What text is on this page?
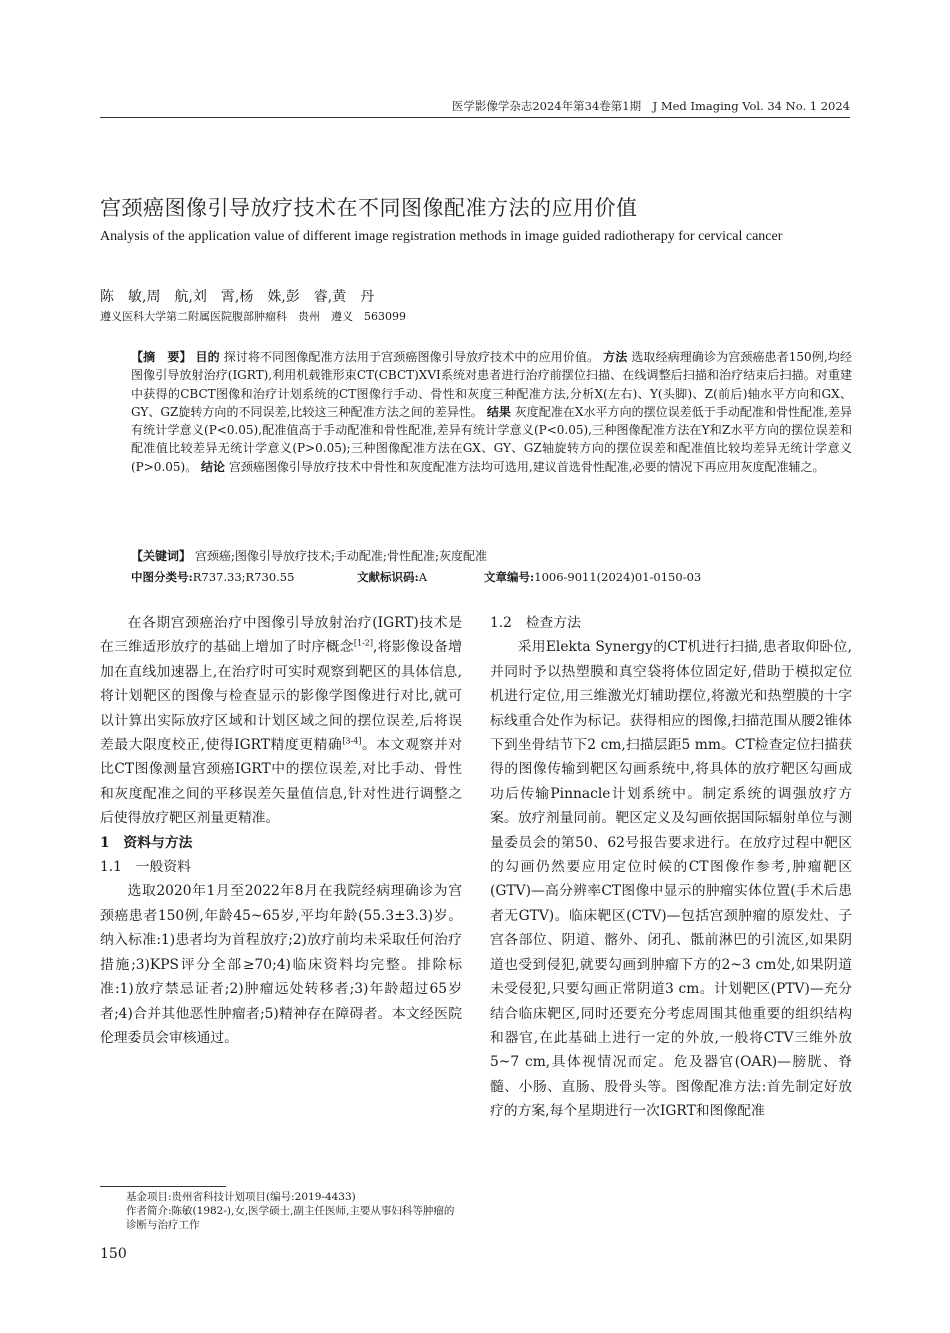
医学影像学杂志2024年第34卷第1期　J Med Imaging Vol. 34 No. 1 2024
宫颈癌图像引导放疗技术在不同图像配准方法的应用价值
Analysis of the application value of different image registration methods in image guided radiotherapy for cervical cancer
陈　敏,周　航,刘　霄,杨　姝,彭　睿,黄　丹
遵义医科大学第二附属医院腹部肿瘤科　贵州　遵义　563099
【摘　要】 目的 探讨将不同图像配准方法用于宫颈癌图像引导放疗技术中的应用价值。 方法 选取经病理确诊为宫颈癌患者150例,均经图像引导放射治疗(IGRT),利用机载锥形束CT(CBCT)XVI系统对患者进行治疗前摆位扫描、在线调整后扫描和治疗结束后扫描。对重建中获得的CBCT图像和治疗计划系统的CT图像行手动、骨性和灰度三种配准方法,分析X(左右)、Y(头脚)、Z(前后)轴水平方向和GX、GY、GZ旋转方向的不同误差,比较这三种配准方法之间的差异性。 结果 灰度配准在X水平方向的摆位误差低于手动配准和骨性配准,差异有统计学意义(P<0.05),配准值高于手动配准和骨性配准,差异有统计学意义(P<0.05),三种图像配准方法在Y和Z水平方向的摆位误差和配准值比较差异无统计学意义(P>0.05);三种图像配准方法在GX、GY、GZ轴旋转方向的摆位误差和配准值比较均差异无统计学意义(P>0.05)。 结论 宫颈癌图像引导放疗技术中骨性和灰度配准方法均可选用,建议首选骨性配准,必要的情况下再应用灰度配准辅之。
【关键词】 宫颈癌;图像引导放疗技术;手动配准;骨性配准;灰度配准
中图分类号:R737.33;R730.55	文献标识码:A	文章编号:1006-9011(2024)01-0150-03

在各期宫颈癌治疗中图像引导放射治疗(IGRT)技术是在三维适形放疗的基础上增加了时序概念[1-2],将影像设备增加在直线加速器上,在治疗时可实时观察到靶区的具体信息,将计划靶区的图像与检查显示的影像学图像进行对比,就可以计算出实际放疗区域和计划区域之间的摆位误差,后将误差最大限度校正,使得IGRT精度更精确[3-4]。本文观察并对比CT图像测量宫颈癌IGRT中的摆位误差,对比手动、骨性和灰度配准之间的平移误差矢量值信息,针对性进行调整之后使得放疗靶区剂量更精准。

1　资料与方法

1.1　一般资料

选取2020年1月至2022年8月在我院经病理确诊为宫颈癌患者150例,年龄45~65岁,平均年龄(55.3±3.3)岁。纳入标准:1)患者均为首程放疗;2)放疗前均未采取任何治疗措施;3)KPS评分全部≥70;4)临床资料均完整。排除标准:1)放疗禁忌证者;2)肿瘤远处转移者;3)年龄超过65岁者;4)合并其他恶性肿瘤者;5)精神存在障碍者。本文经医院伦理委员会审核通过。

1.2　检查方法

采用Elekta Synergy的CT机进行扫描,患者取仰卧位,并同时予以热塑膜和真空袋将体位固定好,借助于模拟定位机进行定位,用三维激光灯辅助摆位,将激光和热塑膜的十字标线重合处作为标记。获得相应的图像,扫描范围从腰2锥体下到坐骨结节下2 cm,扫描层距5 mm。CT检查定位扫描获得的图像传输到靶区勾画系统中,将具体的放疗靶区勾画成功后传输Pinnacle计划系统中。制定系统的调强放疗方案。放疗剂量同前。靶区定义及勾画依据国际辐射单位与测量委员会的第50、62号报告要求进行。在放疗过程中靶区的勾画仍然要应用定位时候的CT图像作参考,肿瘤靶区(GTV)—高分辨率CT图像中显示的肿瘤实体位置(手术后患者无GTV)。临床靶区(CTV)—包括宫颈肿瘤的原发灶、子宫各部位、阴道、髂外、闭孔、骶前淋巴的引流区,如果阴道也受到侵犯,就要勾画到肿瘤下方的2~3 cm处,如果阴道未受侵犯,只要勾画正常阴道3 cm。计划靶区(PTV)—充分结合临床靶区,同时还要充分考虑周围其他重要的组织结构和器官,在此基础上进行一定的外放,一般将CTV三维外放5~7 cm,具体视情况而定。危及器官(OAR)—膀胱、脊髓、小肠、直肠、股骨头等。图像配准方法:首先制定好放疗的方案,每个星期进行一次IGRT和图像配准

基金项目:贵州省科技计划项目(编号:2019-4433)

作者简介:陈敏(1982-),女,医学硕士,副主任医师,主要从事妇科等肿瘤的诊断与治疗工作

150
